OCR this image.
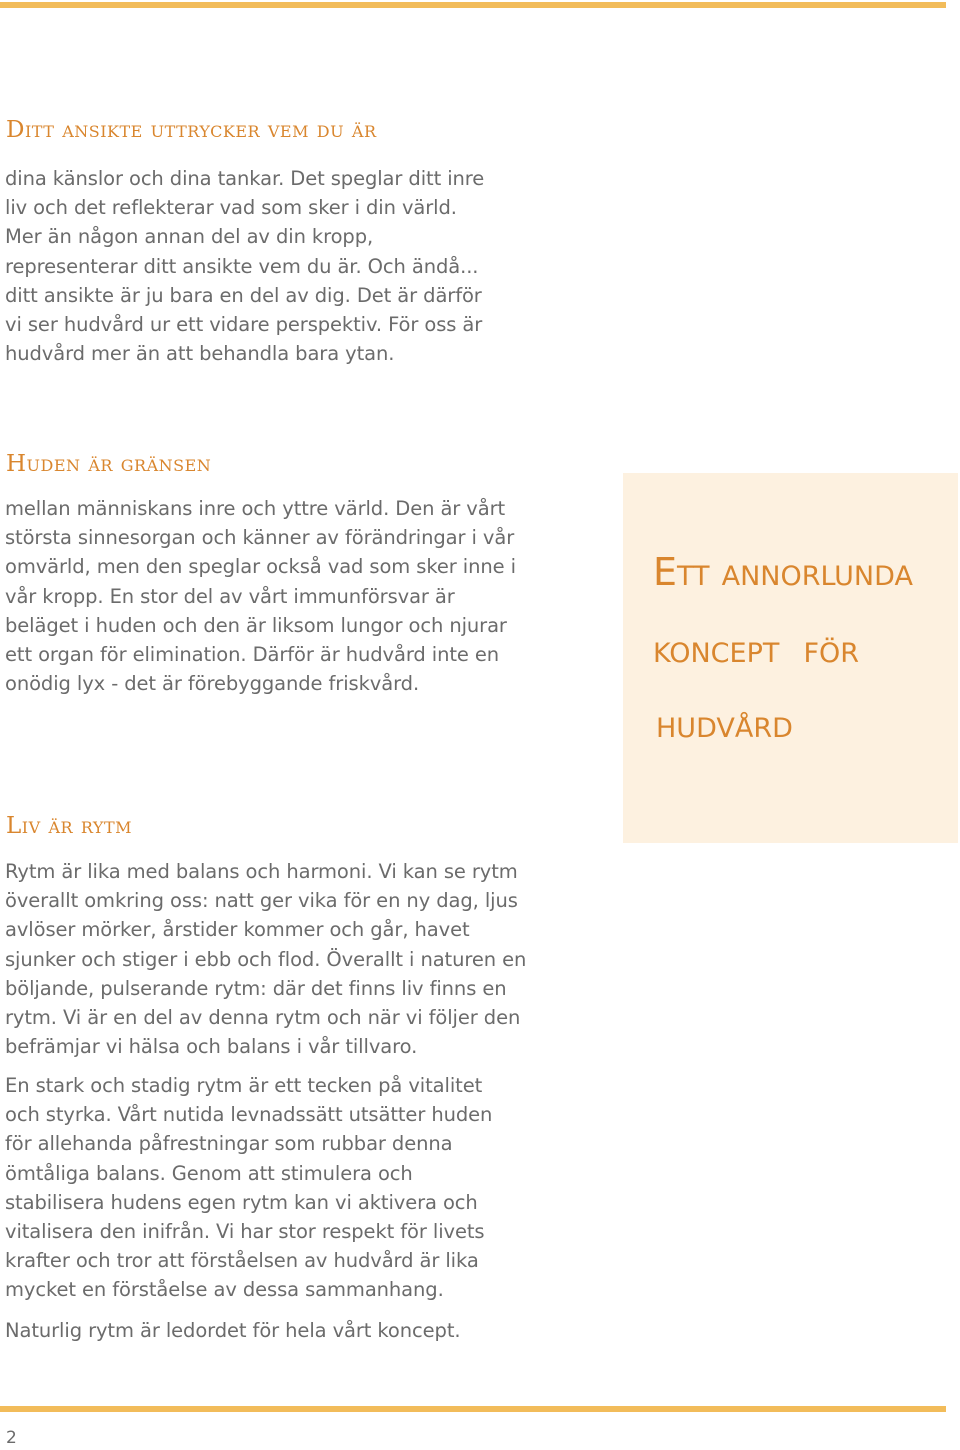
Ditt ansikte uttrycker vem du är

dina känslor och dina tankar. Det speglar ditt inre liv och det reflekterar vad som sker i din värld. Mer än någon annan del av din kropp, representerar ditt ansikte vem du är. Och ändå... ditt ansikte är ju bara en del av dig. Det är därför vi ser hudvård ur ett vidare perspektiv. För oss är hudvård mer än att behandla bara ytan.

Huden är gränsen

mellan människans inre och yttre värld. Den är vårt största sinnesorgan och känner av förändringar i vår omvärld, men den speglar också vad som sker inne i vår kropp. En stor del av vårt immunförsvar är beläget i huden och den är liksom lungor och njurar ett organ för elimination. Därför är hudvård inte en onödig lyx - det är förebyggande friskvård.

Ett annorlunda

koncept  för

hudvård

Liv är rytm

Rytm är lika med balans och harmoni. Vi kan se rytm överallt omkring oss: natt ger vika för en ny dag, ljus avlöser mörker, årstider kommer och går, havet sjunker och stiger i ebb och flod. Överallt i naturen en böljande, pulserande rytm: där det finns liv finns en rytm. Vi är en del av denna rytm och när vi följer den befrämjar vi hälsa och balans i vår tillvaro.

En stark och stadig rytm är ett tecken på vitalitet och styrka. Vårt nutida levnadssätt utsätter huden för allehanda påfrestningar som rubbar denna ömtåliga balans. Genom att stimulera och stabilisera hudens egen rytm kan vi aktivera och vitalisera den inifrån. Vi har stor respekt för livets krafter och tror att förståelsen av hudvård är lika mycket en förståelse av dessa sammanhang.

Naturlig rytm är ledordet för hela vårt koncept.

2
